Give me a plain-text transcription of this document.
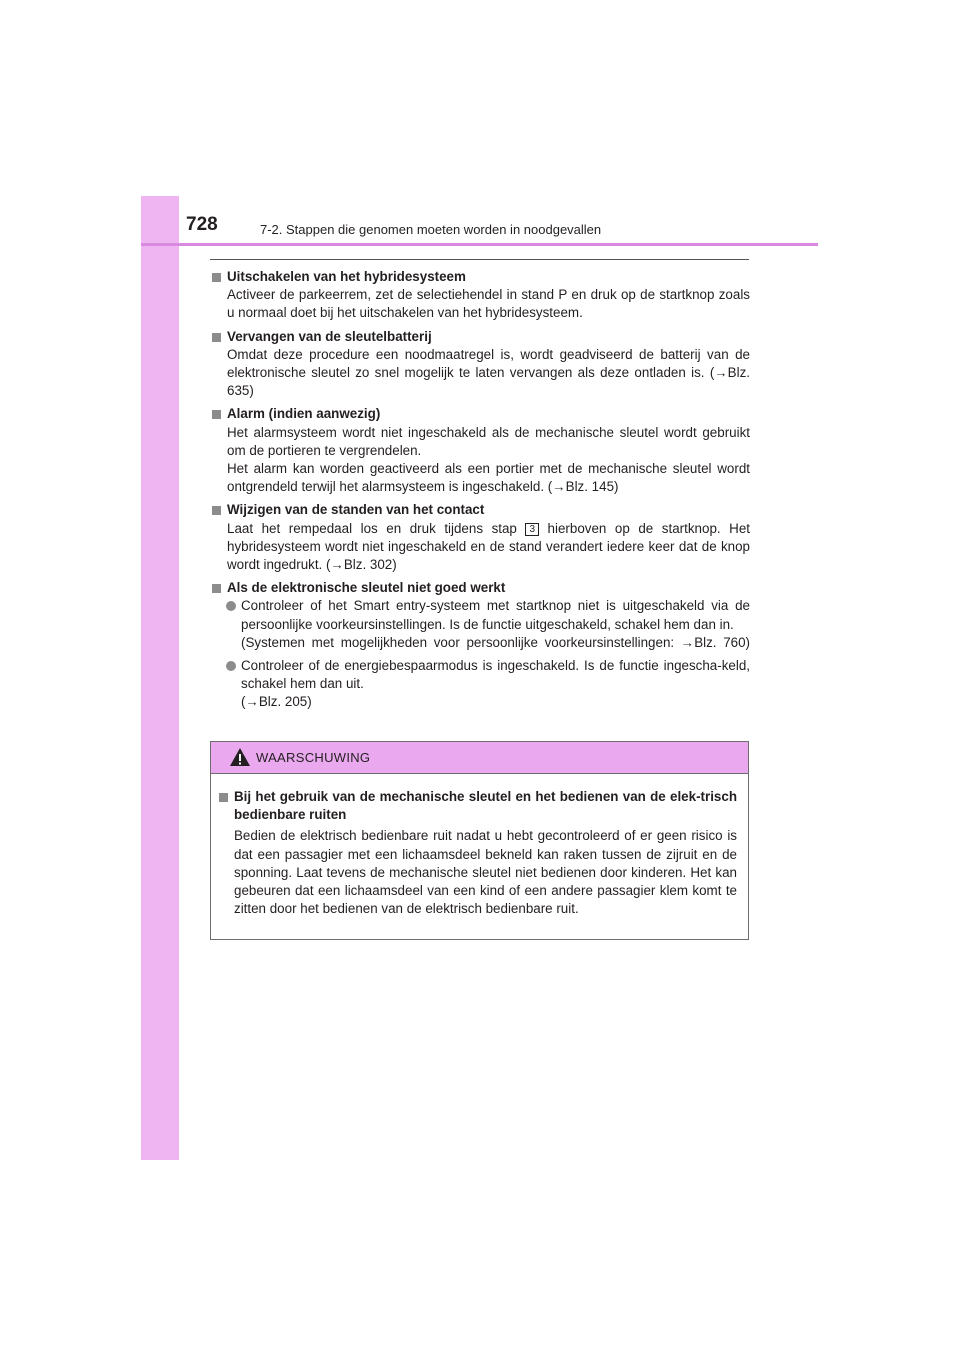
728	7-2. Stappen die genomen moeten worden in noodgevallen
Uitschakelen van het hybridesysteem
Activeer de parkeerrem, zet de selectiehendel in stand P en druk op de startknop zoals u normaal doet bij het uitschakelen van het hybridesysteem.
Vervangen van de sleutelbatterij
Omdat deze procedure een noodmaatregel is, wordt geadviseerd de batterij van de elektronische sleutel zo snel mogelijk te laten vervangen als deze ontladen is. (→Blz. 635)
Alarm (indien aanwezig)
Het alarmsysteem wordt niet ingeschakeld als de mechanische sleutel wordt gebruikt om de portieren te vergrendelen.
Het alarm kan worden geactiveerd als een portier met de mechanische sleutel wordt ontgrendeld terwijl het alarmsysteem is ingeschakeld. (→Blz. 145)
Wijzigen van de standen van het contact
Laat het rempedaal los en druk tijdens stap 3 hierboven op de startknop. Het hybridesysteem wordt niet ingeschakeld en de stand verandert iedere keer dat de knop wordt ingedrukt. (→Blz. 302)
Als de elektronische sleutel niet goed werkt
Controleer of het Smart entry-systeem met startknop niet is uitgeschakeld via de persoonlijke voorkeursinstellingen. Is de functie uitgeschakeld, schakel hem dan in.
(Systemen met mogelijkheden voor persoonlijke voorkeursinstellingen: →Blz. 760)
Controleer of de energiebespaarmodus is ingeschakeld. Is de functie ingescha-keld, schakel hem dan uit.
(→Blz. 205)
WAARSCHUWING
Bij het gebruik van de mechanische sleutel en het bedienen van de elek-trisch bedienbare ruiten
Bedien de elektrisch bedienbare ruit nadat u hebt gecontroleerd of er geen risico is dat een passagier met een lichaamsdeel bekneld kan raken tussen de zijruit en de sponning. Laat tevens de mechanische sleutel niet bedienen door kinderen. Het kan gebeuren dat een lichaamsdeel van een kind of een andere passagier klem komt te zitten door het bedienen van de elektrisch bedienbare ruit.
